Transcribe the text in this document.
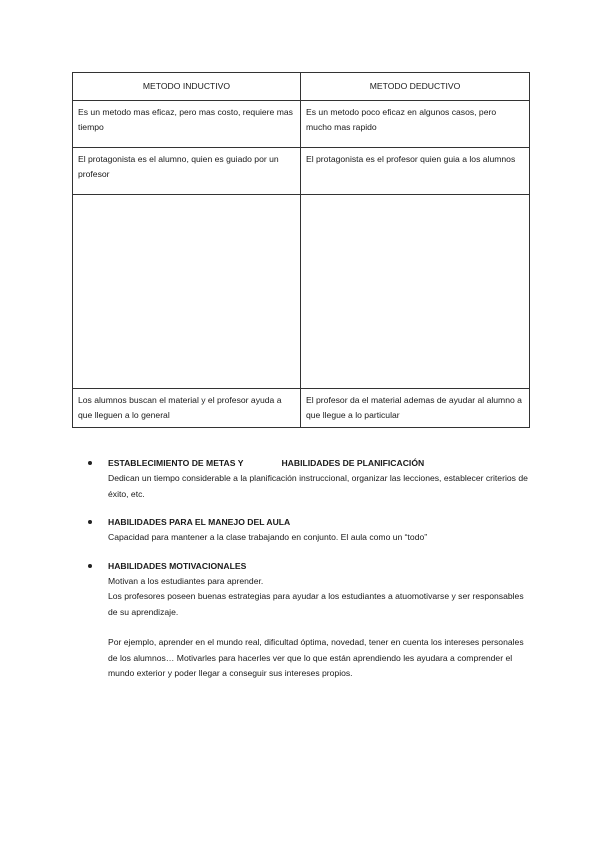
METODO INDUCTIVO	METODO DEDUCTIVO
Es un metodo mas eficaz, pero mas costo, requiere mas tiempo	Es un metodo poco eficaz en algunos casos, pero mucho mas rapido
El protagonista es el alumno, quien es guiado por un profesor	El protagonista es el profesor quien guia a los alumnos

Los alumnos buscan el material y el profesor ayuda a que lleguen a lo general	El profesor da el material ademas de ayudar al alumno a que llegue a lo particular
ESTABLECIMIENTO DE METAS Y	HABILIDADES DE PLANIFICACIÓN

Dedican un tiempo considerable a la planificación instruccional, organizar las lecciones, establecer criterios de éxito, etc.

HABILIDADES PARA EL MANEJO DEL AULA

Capacidad para mantener a la clase trabajando en conjunto. El aula como un “todo”

HABILIDADES MOTIVACIONALES

Motivan a los estudiantes para aprender.

Los profesores poseen buenas estrategias para ayudar a los estudiantes a atuomotivarse y ser responsables de su aprendizaje.

Por ejemplo, aprender en el mundo real, dificultad óptima, novedad, tener en cuenta los intereses personales de los alumnos… Motivarles para hacerles ver que lo que están aprendiendo les ayudara a comprender el mundo exterior y poder llegar a conseguir sus intereses propios.
